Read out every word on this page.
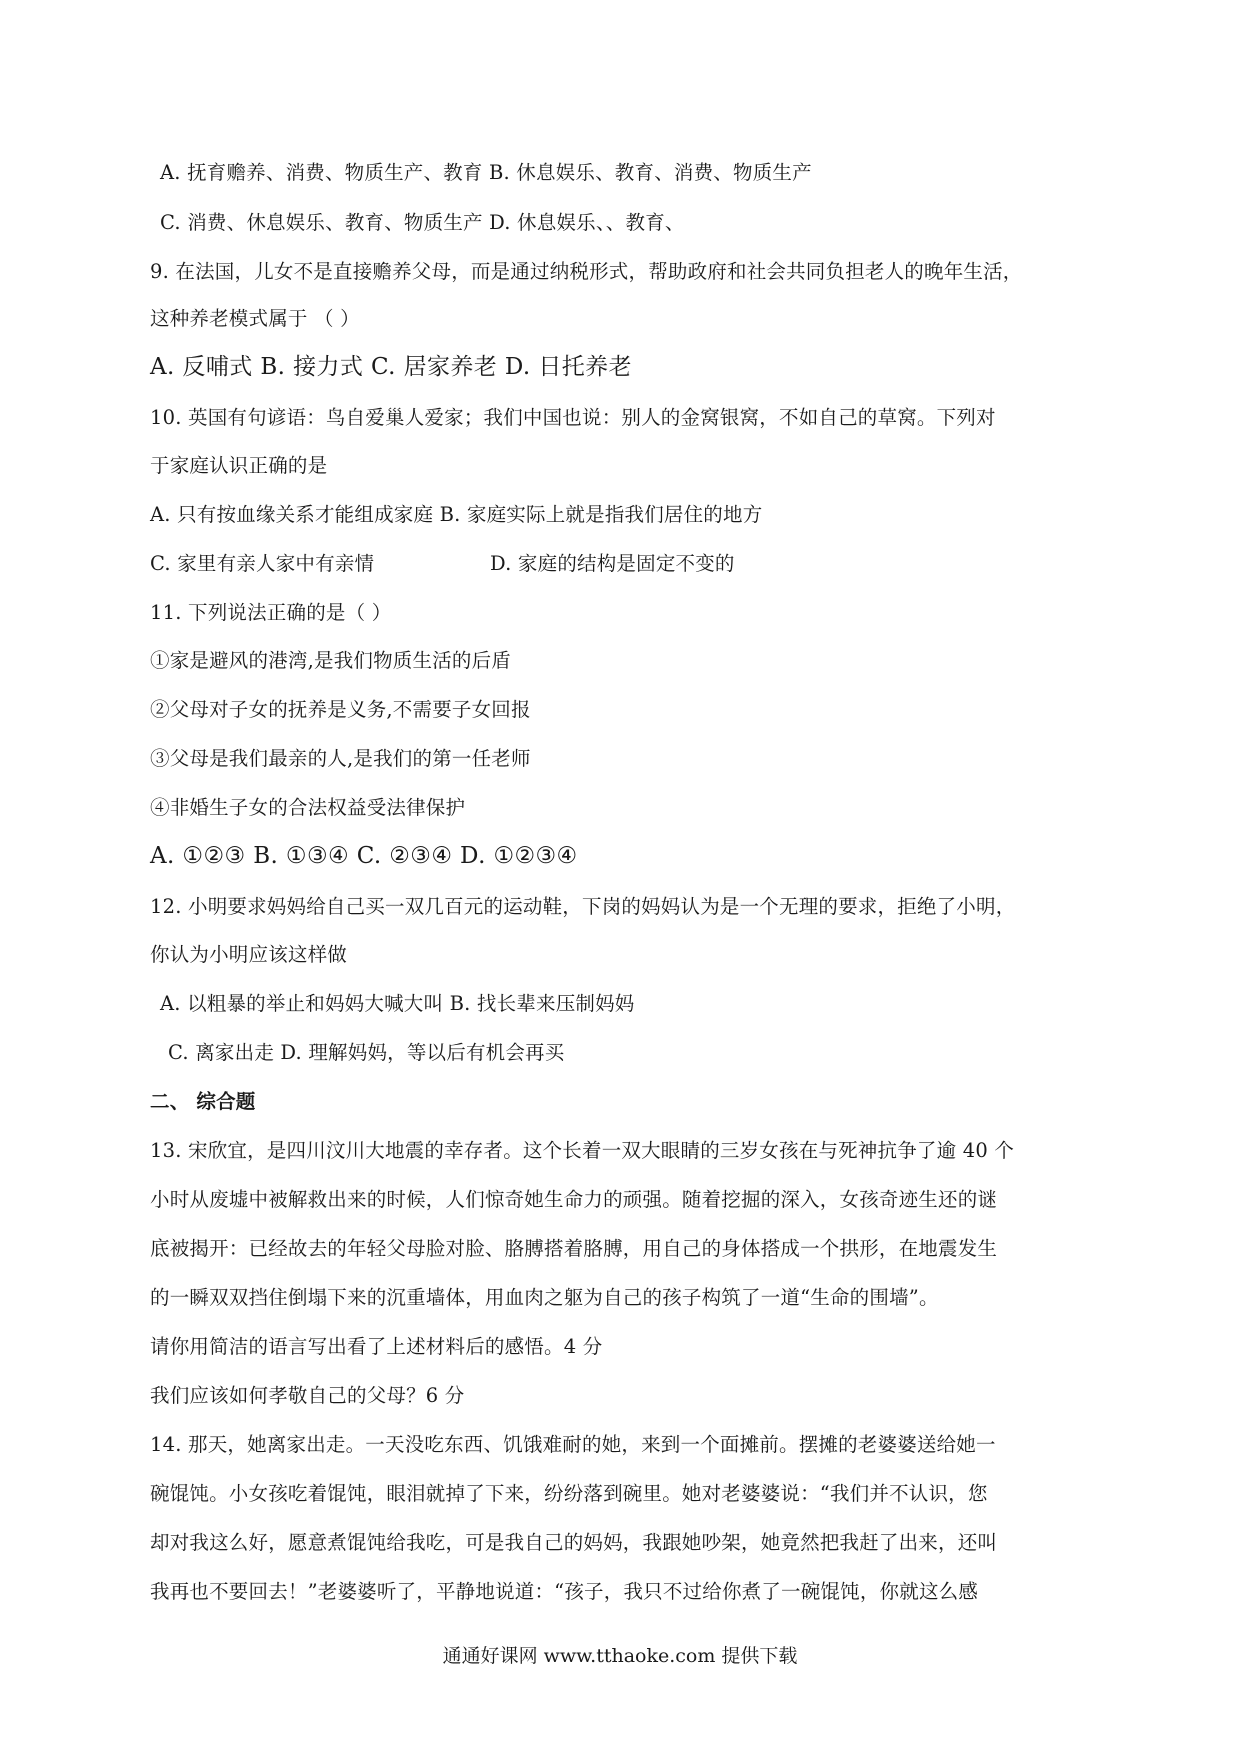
A. 抚育赡养、消费、物质生产、教育 B. 休息娱乐、教育、消费、物质生产
C. 消费、休息娱乐、教育、物质生产 D. 休息娱乐、、教育、
9. 在法国，儿女不是直接赡养父母，而是通过纳税形式，帮助政府和社会共同负担老人的晚年生活，
这种养老模式属于 （ ）
A. 反哺式 B. 接力式 C. 居家养老 D. 日托养老
10. 英国有句谚语：鸟自爱巢人爱家；我们中国也说：别人的金窝银窝，不如自己的草窝。下列对
于家庭认识正确的是
A. 只有按血缘关系才能组成家庭 B. 家庭实际上就是指我们居住的地方
C. 家里有亲人家中有亲情	D. 家庭的结构是固定不变的
11. 下列说法正确的是（ ）
①家是避风的港湾,是我们物质生活的后盾
②父母对子女的抚养是义务,不需要子女回报
③父母是我们最亲的人,是我们的第一任老师
④非婚生子女的合法权益受法律保护
A. ①②③ B. ①③④ C. ②③④ D. ①②③④
12. 小明要求妈妈给自己买一双几百元的运动鞋，下岗的妈妈认为是一个无理的要求，拒绝了小明，
你认为小明应该这样做
A. 以粗暴的举止和妈妈大喊大叫 B. 找长辈来压制妈妈
C. 离家出走 D. 理解妈妈，等以后有机会再买
二、 综合题
13. 宋欣宜，是四川汶川大地震的幸存者。这个长着一双大眼睛的三岁女孩在与死神抗争了逾 40 个
小时从废墟中被解救出来的时候，人们惊奇她生命力的顽强。随着挖掘的深入，女孩奇迹生还的谜
底被揭开：已经故去的年轻父母脸对脸、胳膊搭着胳膊，用自己的身体搭成一个拱形，在地震发生
的一瞬双双挡住倒塌下来的沉重墙体，用血肉之躯为自己的孩子构筑了一道“生命的围墙”。
请你用简洁的语言写出看了上述材料后的感悟。4 分
我们应该如何孝敬自己的父母？6 分
14. 那天，她离家出走。一天没吃东西、饥饿难耐的她，来到一个面摊前。摆摊的老婆婆送给她一
碗馄饨。小女孩吃着馄饨，眼泪就掉了下来，纷纷落到碗里。她对老婆婆说：“我们并不认识，您
却对我这么好，愿意煮馄饨给我吃，可是我自己的妈妈，我跟她吵架，她竟然把我赶了出来，还叫
我再也不要回去！”老婆婆听了，平静地说道：“孩子，我只不过给你煮了一碗馄饨，你就这么感
通通好课网 www.tthaoke.com 提供下载
